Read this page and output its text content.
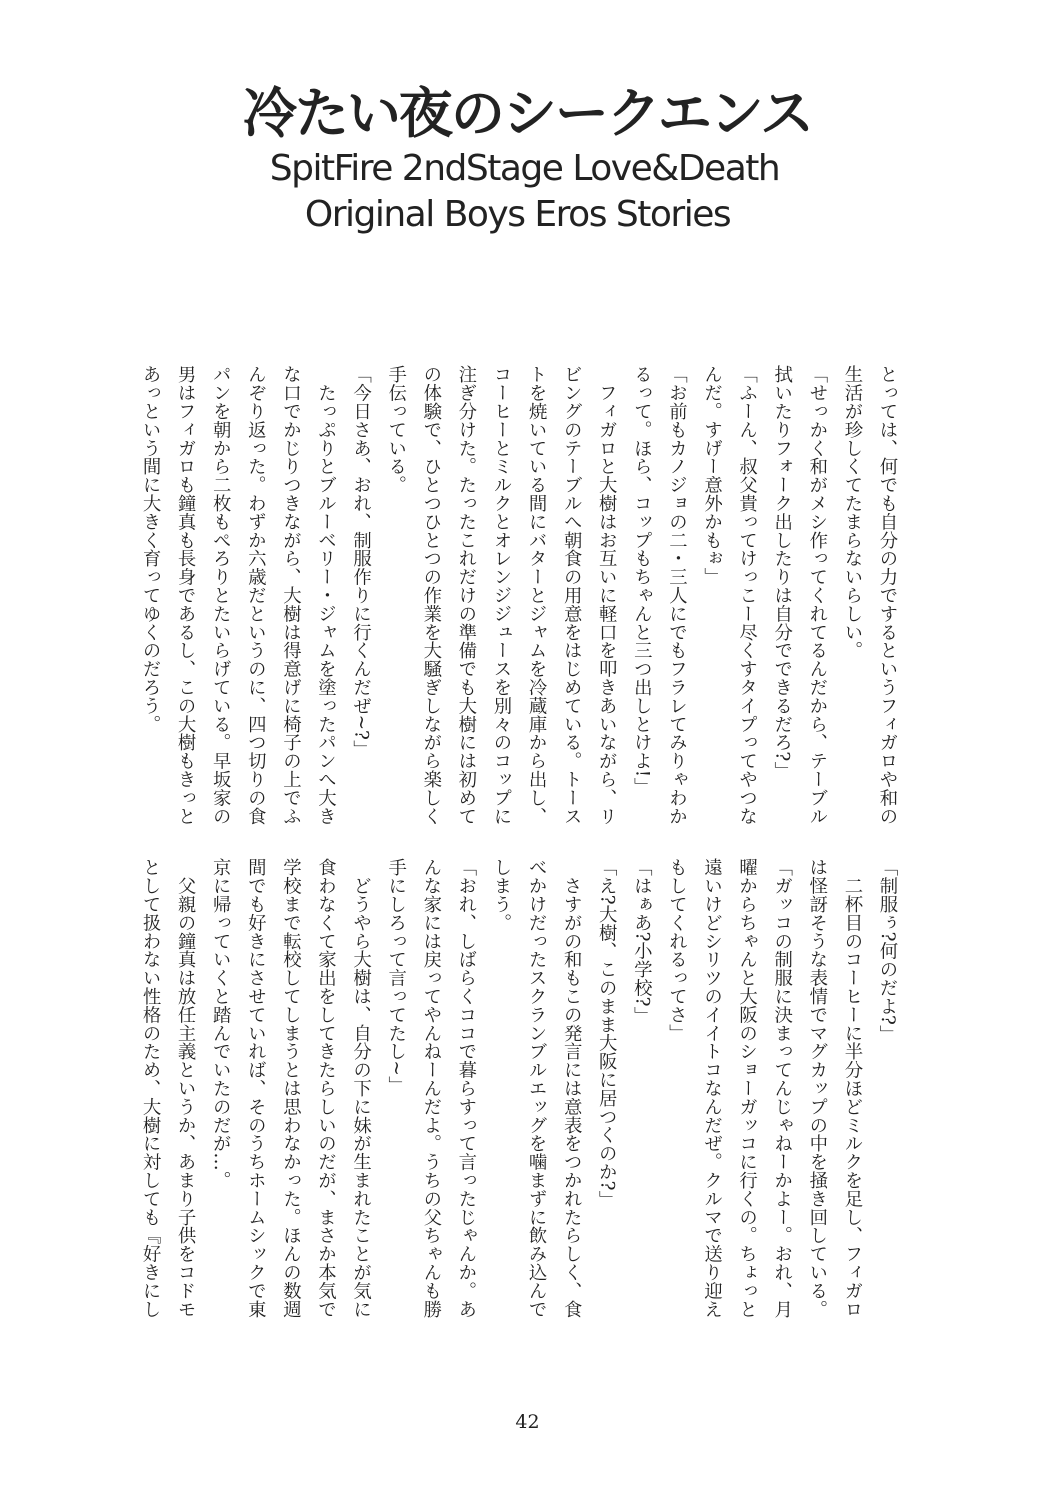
冷たい夜のシークエンス
SpitFire 2ndStage Love&Death
Original Boys Eros Stories
とっては、何でも自分の力でするというフィガロや和の
生活が珍しくてたまらないらしい。
「せっかく和がメシ作ってくれてるんだから、テーブル
拭いたりフォーク出したりは自分でできるだろ?」
「ふーん、叔父貴ってけっこー尽くすタイプってやつな
んだ。すげー意外かもぉ」
「お前もカノジョの二・三人にでもフラレてみりゃわか
るって。ほら、コップもちゃんと三つ出しとけよ!」
　フィガロと大樹はお互いに軽口を叩きあいながら、リ
ビングのテーブルへ朝食の用意をはじめている。トース
トを焼いている間にバターとジャムを冷蔵庫から出し、
コーヒーとミルクとオレンジジュースを別々のコップに
注ぎ分けた。たったこれだけの準備でも大樹には初めて
の体験で、ひとつひとつの作業を大騒ぎしながら楽しく
手伝っている。
「今日さあ、おれ、制服作りに行くんだぜ~?」
　たっぷりとブルーベリー・ジャムを塗ったパンへ大き
な口でかじりつきながら、大樹は得意げに椅子の上でふ
んぞり返った。わずか六歳だというのに、四つ切りの食
パンを朝から二枚もぺろりとたいらげている。早坂家の
男はフィガロも鐘真も長身であるし、この大樹もきっと
あっという間に大きく育ってゆくのだろう。
「制服ぅ?何のだよ?」
　二杯目のコーヒーに半分ほどミルクを足し、フィガロ
は怪訝そうな表情でマグカップの中を掻き回している。
「ガッコの制服に決まってんじゃねーかよー。おれ、月
曜からちゃんと大阪のショーガッコに行くの。ちょっと
遠いけどシリツのイイトコなんだぜ。クルマで送り迎え
もしてくれるってさ」
「はぁあ?小学校?」
「え?大樹、このまま大阪に居つくのか?」
　さすがの和もこの発言には意表をつかれたらしく、食
べかけだったスクランブルエッグを噛まずに飲み込んで
しまう。
「おれ、しばらくココで暮らすって言ったじゃんか。あ
んな家には戻ってやんねーんだよ。うちの父ちゃんも勝
手にしろって言ってたし~」
　どうやら大樹は、自分の下に妹が生まれたことが気に
食わなくて家出をしてきたらしいのだが、まさか本気で
学校まで転校してしまうとは思わなかった。ほんの数週
間でも好きにさせていれば、そのうちホームシックで東
京に帰っていくと踏んでいたのだが…。
　父親の鐘真は放任主義というか、あまり子供をコドモ
として扱わない性格のため、大樹に対しても『好きにし
42
